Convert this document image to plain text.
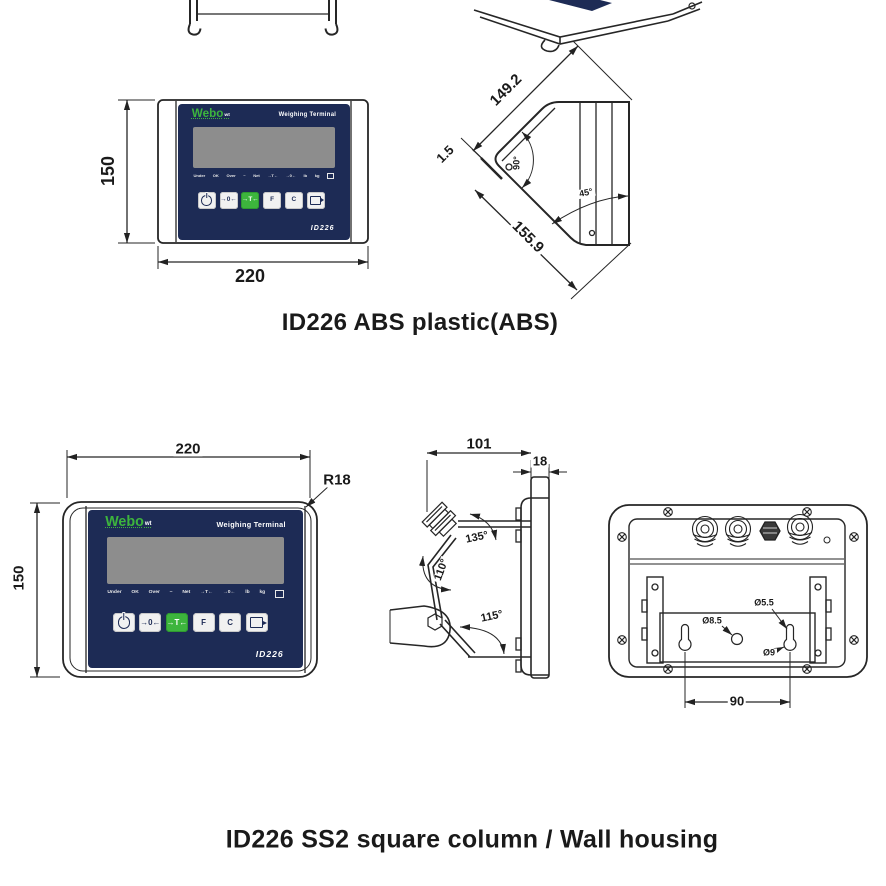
Webowt	Weighing Terminal
Under OK Over ~ Net →T← →0← lb kg
→0← →T←	F	C
ID226
Webowt	Weighing Terminal
Under OK Over ~ Net →T← →0← lb kg
→0← →T←	F	C
ID226
150
220
149.2
1.5
155.9
90°
45°
220
R18
150
101
18
135°
110°
115°	Ø8.5
Ø5.5
Ø9
90
ID226 ABS plastic(ABS)
ID226 SS2 square column / Wall housing
